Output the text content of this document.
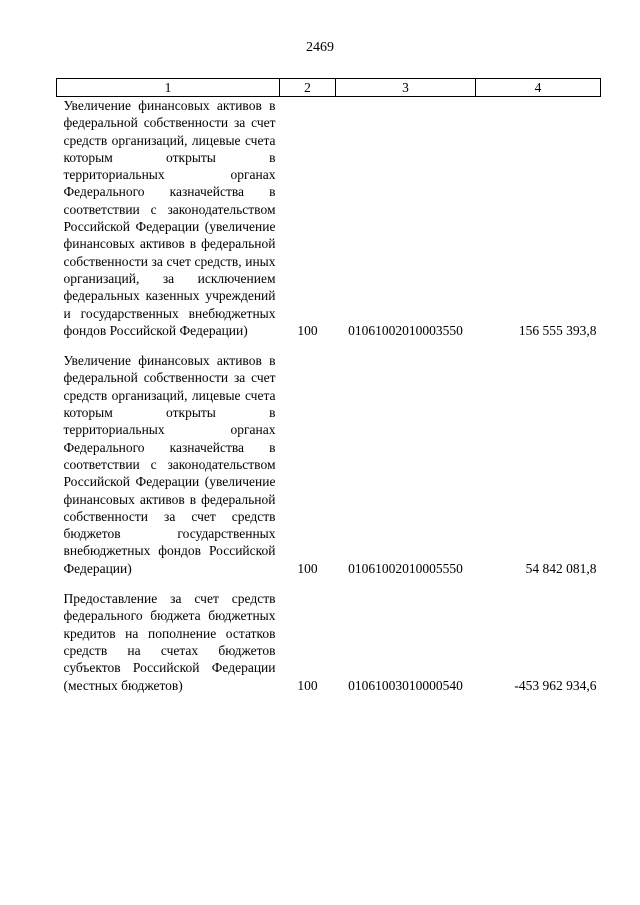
2469
1	2	3	4
Увеличение финансовых активов в федеральной собственности за счет средств организаций, лицевые счета которым открыты в территориальных органах Федерального казначейства в соответствии с законодательством Российской Федерации (увеличение финансовых активов в федеральной собственности за счет средств, иных организаций, за исключением федеральных казенных учреждений и государственных внебюджетных фондов Российской Федерации)	100	01061002010003550	156 555 393,8

Увеличение финансовых активов в федеральной собственности за счет средств организаций, лицевые счета которым открыты в территориальных органах Федерального казначейства в соответствии с законодательством Российской Федерации (увеличение финансовых активов в федеральной собственности за счет средств бюджетов государственных внебюджетных фондов Российской Федерации)	100	01061002010005550	54 842 081,8

Предоставление за счет средств федерального бюджета бюджетных кредитов на пополнение остатков средств на счетах бюджетов субъектов Российской Федерации (местных бюджетов)	100	01061003010000540	-453 962 934,6
